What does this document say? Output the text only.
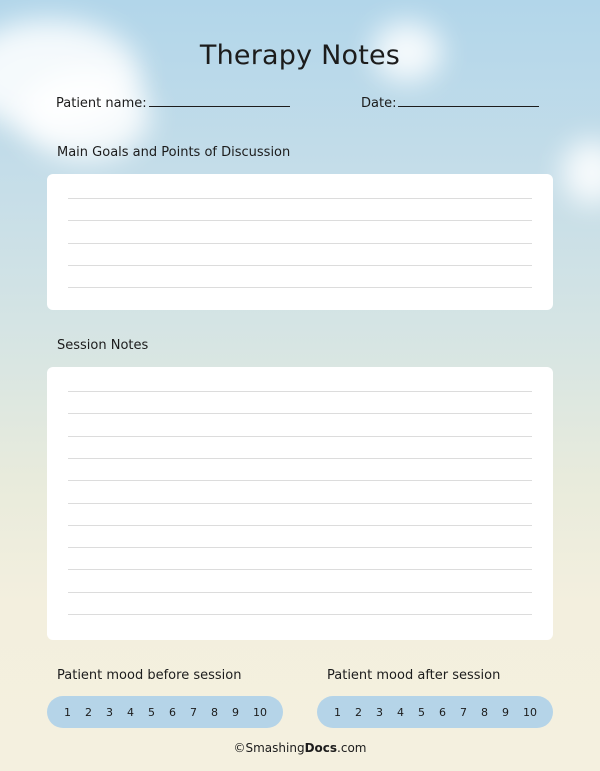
Therapy Notes
Patient name:	Date:
Main Goals and Points of Discussion
Session Notes
Patient mood before session	Patient mood after session
1 2 3 4 5 6 7 8 9 10	1 2 3 4 5 6 7 8 9 10
©SmashingDocs.com
